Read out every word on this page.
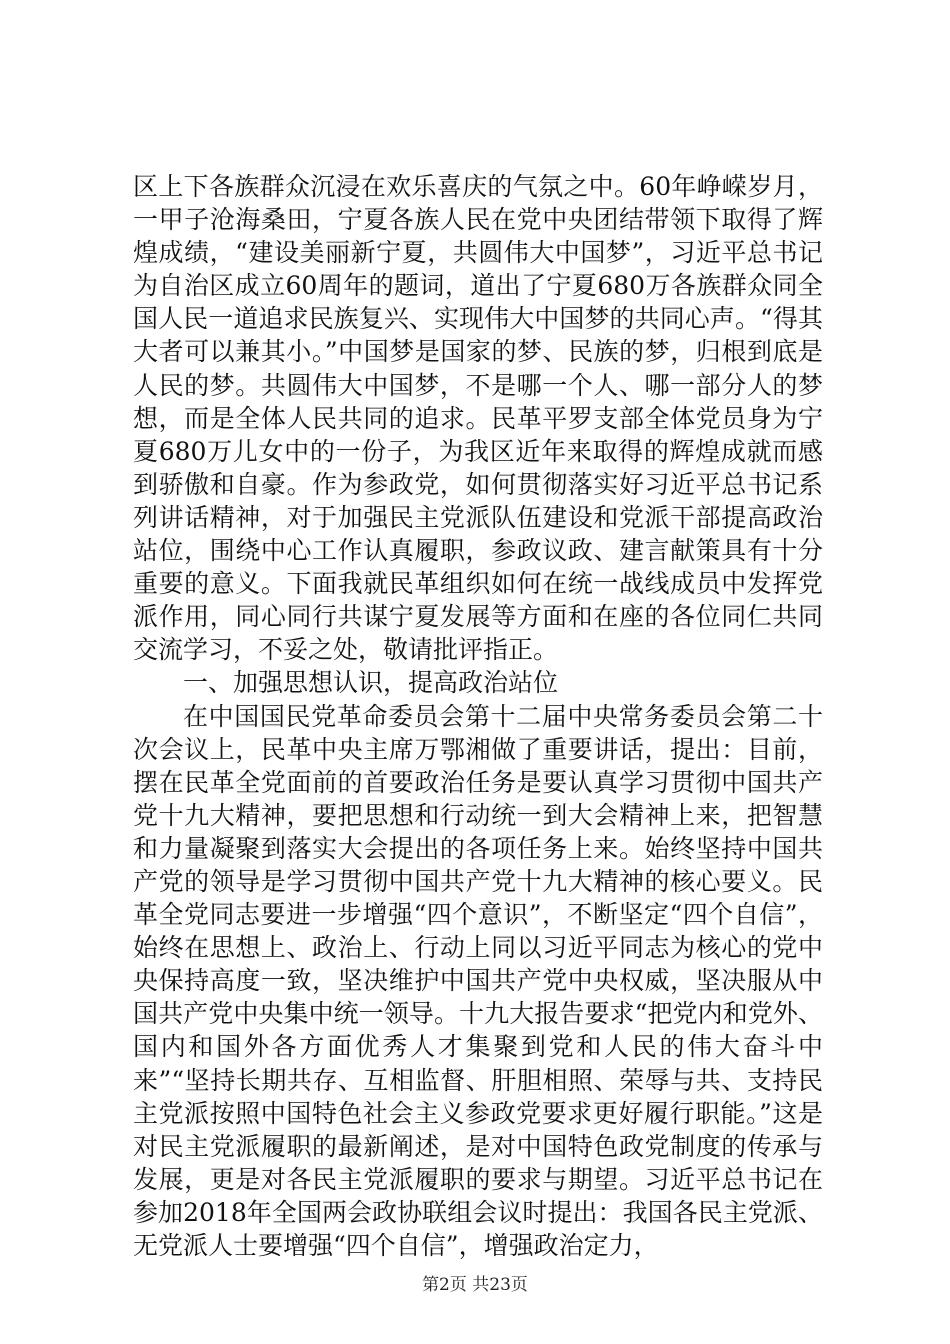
区上下各族群众沉浸在欢乐喜庆的气氛之中。60年峥嵘岁月，一甲子沧海桑田，宁夏各族人民在党中央团结带领下取得了辉煌成绩，“建设美丽新宁夏，共圆伟大中国梦”，习近平总书记为自治区成立60周年的题词，道出了宁夏680万各族群众同全国人民一道追求民族复兴、实现伟大中国梦的共同心声。“得其大者可以兼其小。”中国梦是国家的梦、民族的梦，归根到底是人民的梦。共圆伟大中国梦，不是哪一个人、哪一部分人的梦想，而是全体人民共同的追求。民革平罗支部全体党员身为宁夏680万儿女中的一份子，为我区近年来取得的辉煌成就而感到骄傲和自豪。作为参政党，如何贯彻落实好习近平总书记系列讲话精神，对于加强民主党派队伍建设和党派干部提高政治站位，围绕中心工作认真履职，参政议政、建言献策具有十分重要的意义。下面我就民革组织如何在统一战线成员中发挥党派作用，同心同行共谋宁夏发展等方面和在座的各位同仁共同交流学习，不妥之处，敬请批评指正。

一、加强思想认识，提高政治站位

在中国国民党革命委员会第十二届中央常务委员会第二十次会议上，民革中央主席万鄂湘做了重要讲话，提出：目前，摆在民革全党面前的首要政治任务是要认真学习贯彻中国共产党十九大精神，要把思想和行动统一到大会精神上来，把智慧和力量凝聚到落实大会提出的各项任务上来。始终坚持中国共产党的领导是学习贯彻中国共产党十九大精神的核心要义。民革全党同志要进一步增强“四个意识”，不断坚定“四个自信”，始终在思想上、政治上、行动上同以习近平同志为核心的党中央保持高度一致，坚决维护中国共产党中央权威，坚决服从中国共产党中央集中统一领导。十九大报告要求“把党内和党外、国内和国外各方面优秀人才集聚到党和人民的伟大奋斗中来”“坚持长期共存、互相监督、肝胆相照、荣辱与共、支持民主党派按照中国特色社会主义参政党要求更好履行职能。”这是对民主党派履职的最新阐述，是对中国特色政党制度的传承与发展，更是对各民主党派履职的要求与期望。习近平总书记在参加2018年全国两会政协联组会议时提出：我国各民主党派、无党派人士要增强“四个自信”，增强政治定力，

第2页 共23页
